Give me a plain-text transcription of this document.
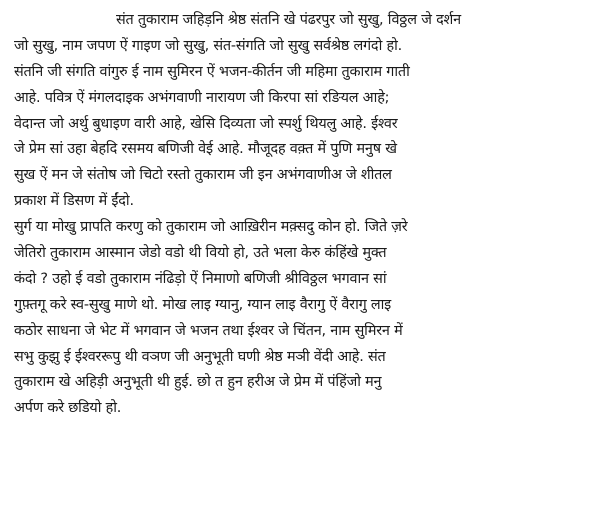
संत तुकाराम जहिड़नि श्रेष्ठ संतनि खे पंढरपुर जो सुखु, विठ्ठल जे दर्शन
जो सुखु, नाम जपण ऐं गाइण जो सुखु, संत-संगति जो सुखु सर्वश्रेष्ठ लगंदो हो.
संतनि जी संगति वांगुरु ई नाम सुमिरन ऐं भजन-कीर्तन जी महिमा तुकाराम गाती
आहे. पवित्र ऐं मंगलदाइक अभंगवाणी नारायण जी किरपा सां रङियल आहे;
वेदान्त जो अर्थु बुधाइण वारी आहे, खेसि दिव्यता जो स्पर्शु थियलु आहे. ईश्वर
जे प्रेम सां उहा बेहदि रसमय बणिजी वेई आहे. मौजूदह वक़्त में पुणि मनुष खे
सुख ऐं मन जे संतोष जो चिटो रस्तो तुकाराम जी इन अभंगवाणीअ जे शीतल
प्रकाश में डिसण में ईंदो.
सुर्ग या मोखु प्रापति करणु को तुकाराम जो आख़िरीन मक़्सदु कोन हो. जिते ज़रे
जेतिरो तुकाराम आस्मान जेडो वडो थी वियो हो, उते भला केरु कंहिंखे मुक्त
कंदो ? उहो ई वडो तुकाराम नंढिड़ो ऐं निमाणो बणिजी श्रीविठ्ठल भगवान सां
गुफ़्तगू करे स्व-सुखु माणे थो. मोख लाइ ग्यानु, ग्यान लाइ वैरागु ऐं वैरागु लाइ
कठोर साधना जे भेट में भगवान जे भजन तथा ईश्वर जे चिंतन, नाम सुमिरन में
सभु कुझु ई ईश्वररूपु थी वञण जी अनुभूती घणी श्रेष्ठ मञी वेंदी आहे. संत
तुकाराम खे अहिड़ी अनुभूती थी हुई. छो त हुन हरीअ जे प्रेम में पंहिंजो मनु
अर्पण करे छडियो हो.
